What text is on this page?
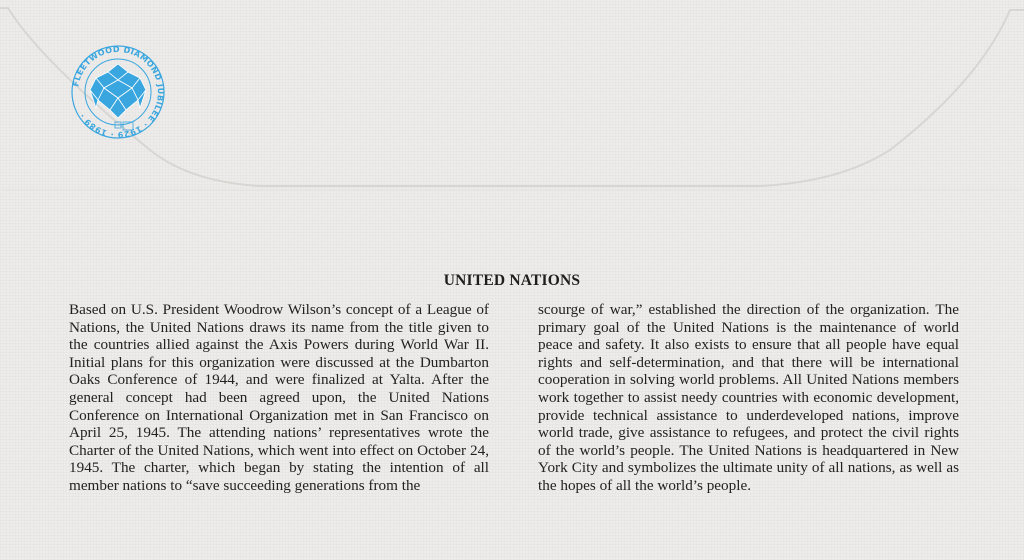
FLEETWOOD DIAMOND JUBILEE · 1929 · 1989 ·
UNITED NATIONS
Based on U.S. President Woodrow Wilson’s concept of a League of Nations, the United Nations draws its name from the title given to the countries allied against the Axis Powers during World War II. Initial plans for this organization were discussed at the Dumbarton Oaks Conference of 1944, and were finalized at Yalta. After the general concept had been agreed upon, the United Nations Conference on International Organization met in San Francisco on April 25, 1945. The attending nations’ representatives wrote the Charter of the United Nations, which went into effect on October 24, 1945. The charter, which began by stating the intention of all member nations to “save succeeding generations from the
scourge of war,” established the direction of the organization. The primary goal of the United Nations is the maintenance of world peace and safety. It also exists to ensure that all people have equal rights and self-determination, and that there will be international cooperation in solving world problems. All United Nations members work together to assist needy countries with economic development, provide technical assistance to underdeveloped nations, improve world trade, give assistance to refugees, and protect the civil rights of the world’s people. The United Nations is headquartered in New York City and symbolizes the ultimate unity of all nations, as well as the hopes of all the world’s people.
